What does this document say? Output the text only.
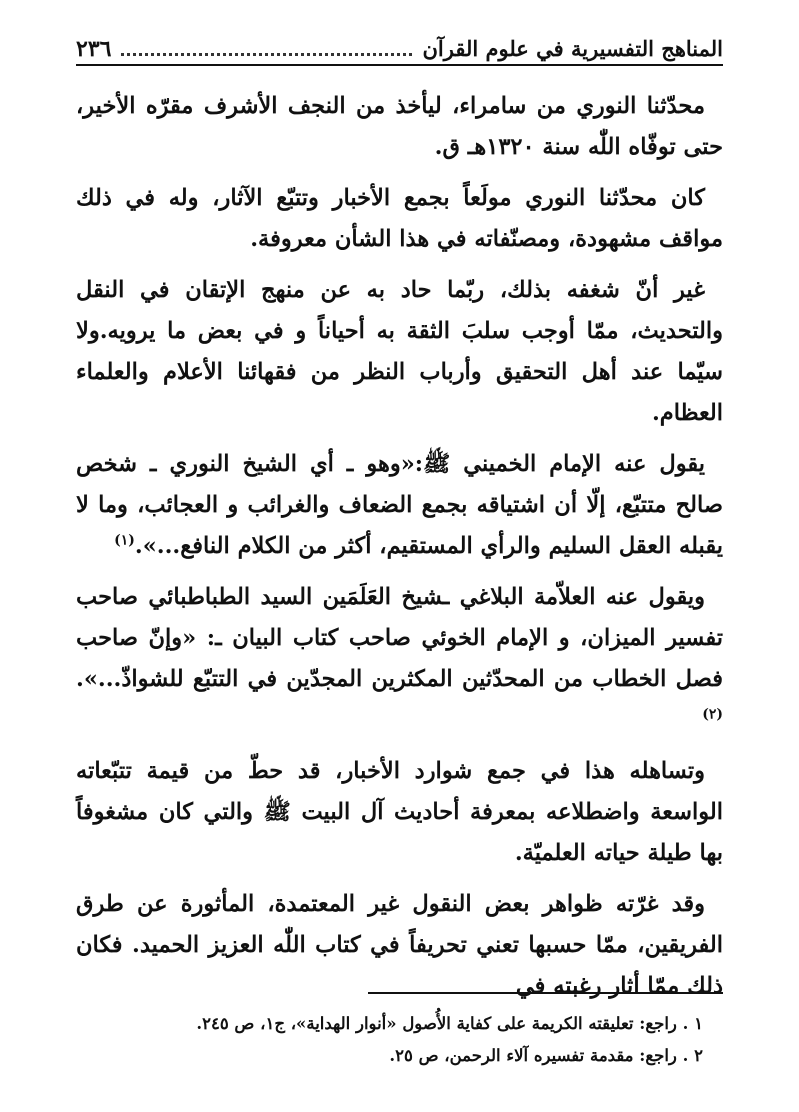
المناهج التفسيرية في علوم القرآن
٢٣٦

محدّثنا النوري من سامراء، ليأخذ من النجف الأشرف مقرّه الأخير، حتى توفّاه اللّٰه سنة ١٣٢٠هـ ق.

كان محدّثنا النوري مولَعاً بجمع الأخبار وتتبّع الآثار، وله في ذلك مواقف مشهودة، ومصنّفاته في هذا الشأن معروفة.

غير أنّ شغفه بذلك، ربّما حاد به عن منهج الإتقان في النقل والتحديث، ممّا أوجب سلبَ الثقة به أحياناً و في بعض ما يرويه.ولا سيّما عند أهل التحقيق وأرباب النظر من فقهائنا الأعلام والعلماء العظام.

يقول عنه الإمام الخميني ﷺ:«وهو ـ أي الشيخ النوري ـ شخص صالح متتبّع، إلّا أن اشتياقه بجمع الضعاف والغرائب و العجائب، وما لا يقبله العقل السليم والرأي المستقيم، أكثر من الكلام النافع...».$^{(١)}$

ويقول عنه العلاّمة البلاغي ـشيخ العَلَمَين السيد الطباطبائي صاحب تفسير الميزان، و الإمام الخوئي صاحب كتاب البيان ـ: «وإنّ صاحب فصل الخطاب من المحدّثين المكثرين المجدّين في التتبّع للشواذّ...».$^{(٢)}$

وتساهله هذا في جمع شوارد الأخبار، قد حطّ من قيمة تتبّعاته الواسعة واضطلاعه بمعرفة أحاديث آل البيت ﷺ والتي كان مشغوفاً بها طيلة حياته العلميّة.

وقد غرّته ظواهر بعض النقول غير المعتمدة، المأثورة عن طرق الفريقين، ممّا حسبها تعني تحريفاً في كتاب اللّٰه العزيز الحميد. فكان ذلك ممّا أثار رغبته في

١ . راجع: تعليقته الكريمة على كفاية الأُصول «أنوار الهداية»، ج١، ص ٢٤٥.

٢ . راجع: مقدمة تفسيره آلاء الرحمن، ص ٢٥.
